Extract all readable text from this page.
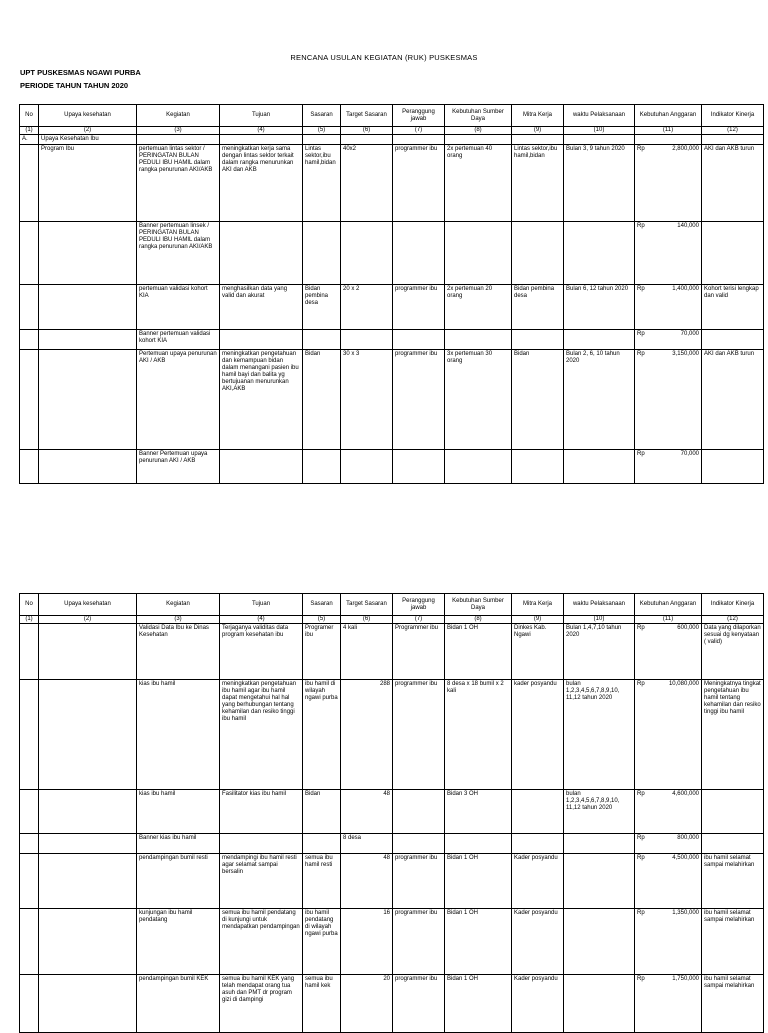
RENCANA USULAN KEGIATAN (RUK) PUSKESMAS
UPT PUSKESMAS NGAWI PURBA
PERIODE TAHUN TAHUN 2020
No	Upaya kesehatan	Kegiatan	Tujuan	Sasaran	Target Sasaran	Peranggung jawab	Kebutuhan Sumber Daya	Mitra Kerja	waktu Pelaksanaan	Kebutuhan Anggaran	Indikator Kinerja
(1)	(2)	(3)	(4)	(5)	(6)	(7)	(8)	(9)	(10)	(11)	(12)
A.	Upaya Kesehatan Ibu										
	Program Ibu	pertemuan lintas sektor / PERINGATAN BULAN PEDULI IBU HAMIL dalam rangka penurunan AKI/AKB	meningkatkan kerja sama dengan lintas sektor terkait dalam rangka menurunkan AKI dan AKB	Lintas sektor,ibu hamil,bidan	40x2	programmer ibu	2x pertemuan 40 orang	Lintas sektor,ibu hamil,bidan	Bulan 3, 9 tahun 2020	Rp 2,800,000	AKI dan AKB turun
		Banner pertemuan linsek / PERINGATAN BULAN PEDULI IBU HAMIL dalam rangka penurunan AKI/AKB								Rp 140,000	

		pertemuan validasi kohort KIA	menghasilkan data yang valid dan akurat	Bidan pembina desa	20 x 2	programmer ibu	2x pertemuan 20 orang	Bidan pembina desa	Bulan 6, 12 tahun 2020	Rp 1,400,000	Kohort terisi lengkap dan valid
		Banner pertemuan validasi kohort KIA								Rp 70,000	

		Pertemuan upaya penurunan AKI / AKB	meningkatkan pengetahuan dan kemampuan bidan dalam menangani pasien ibu hamil bayi dan balita yg bertujuanan menurunkan AKI,AKB	Bidan	30 x 3	programmer ibu	3x pertemuan 30 orang	Bidan	Bulan 2, 6, 10 tahun 2020	Rp 3,150,000	AKI dan AKB turun
		Banner Pertemuan upaya penurunan AKI / AKB								Rp 70,000	

No	Upaya kesehatan	Kegiatan	Tujuan	Sasaran	Target Sasaran	Peranggung jawab	Kebutuhan Sumber Daya	Mitra Kerja	waktu Pelaksanaan	Kebutuhan Anggaran	Indikator Kinerja
(1)	(2)	(3)	(4)	(5)	(6)	(7)	(8)	(9)	(10)	(11)	(12)
		Validasi Data Ibu ke Dinas Kesehatan	Terjaganya validitas data program kesehatan ibu	Programer ibu	4 kali	Programmer ibu	Bidan 1 OH	Dinkes Kab. Ngawi	Bulan 1,4,7,10 tahun 2020	Rp 600,000	Data yang dilaporkan sesuai dg kenyataan ( valid)
		kias ibu hamil	meningkatkan pengetahuan ibu hamil agar ibu hamil dapat mengetahui hal hal yang berhubungan tentang kehamilan dan resiko tinggi ibu hamil	ibu hamil di wilayah ngawi purba	288	programmer ibu	8 desa x 18 bumil x 2 kali	kader posyandu	bulan 1,2,3,4,5,6,7,8,9,10, 11,12 tahun 2020	Rp 10,080,000	Meningkatnya tingkat pengetahuan ibu hamil tentang kehamilan dan resiko tinggi ibu hamil
		kias ibu hamil	Fasilitator kias ibu hamil	Bidan	48		Bidan 3 OH		bulan 1,2,3,4,5,6,7,8,9,10, 11,12 tahun 2020	Rp 4,600,000	

		Banner kias ibu hamil			8 desa					Rp 800,000	

		pendampingan bumil resti	mendampingi ibu hamil resti agar selamat sampai bersalin	semua ibu hamil resti	48	programmer ibu	Bidan 1 OH	Kader posyandu		Rp 4,500,000	ibu hamil selamat sampai melahirkan
		kunjungan ibu hamil pendatang	semua ibu hamil pendatang di kunjungi untuk mendapatkan pendampingan	ibu hamil pendatang di wilayah ngawi purba	16	programmer ibu	Bidan 1 OH	Kader posyandu		Rp 1,350,000	ibu hamil selamat sampai melahirkan
		pendampingan bumil KEK	semua ibu hamil KEK yang telah mendapat orang tua asuh dan PMT dr program gizi di dampingi	semua ibu hamil kek	20	programmer ibu	Bidan 1 OH	Kader posyandu		Rp 1,750,000	ibu hamil selamat sampai melahirkan
